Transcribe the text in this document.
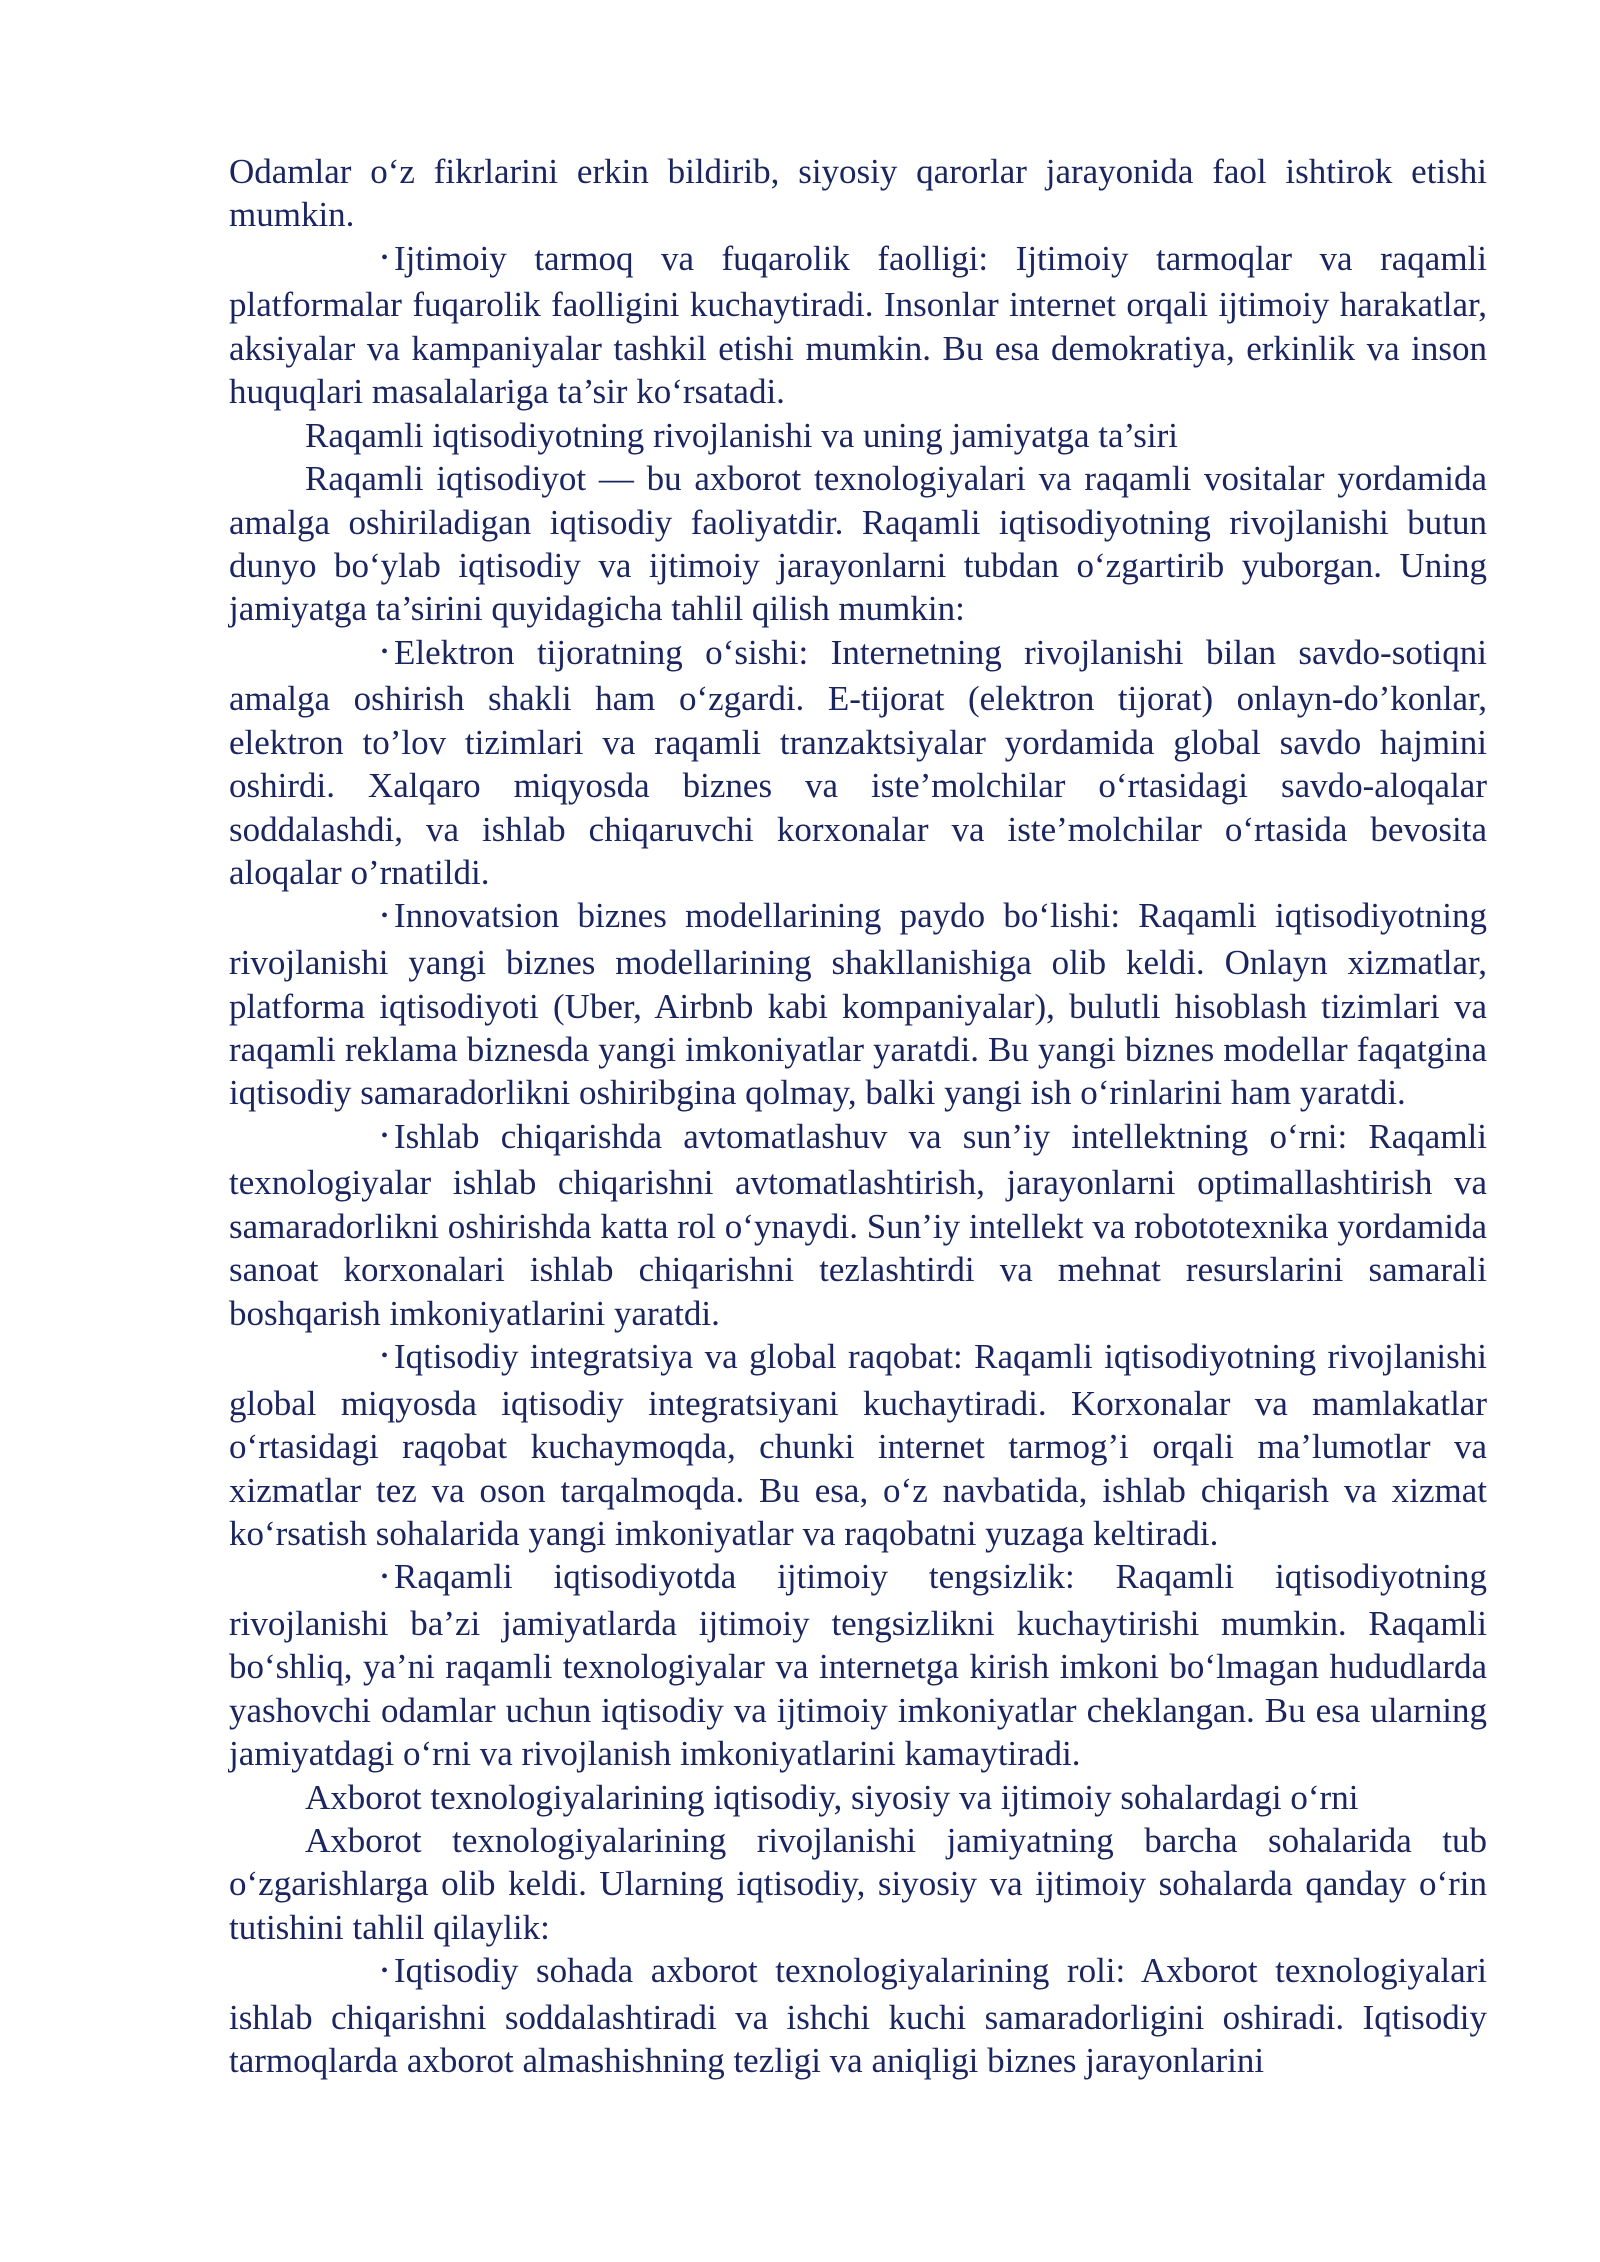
Odamlar o‘z fikrlarini erkin bildirib, siyosiy qarorlar jarayonida faol ishtirok etishi mumkin.

• Ijtimoiy tarmoq va fuqarolik faolligi: Ijtimoiy tarmoqlar va raqamli platformalar fuqarolik faolligini kuchaytiradi. Insonlar internet orqali ijtimoiy harakatlar, aksiyalar va kampaniyalar tashkil etishi mumkin. Bu esa demokratiya, erkinlik va inson huquqlari masalalariga ta’sir ko‘rsatadi.

Raqamli iqtisodiyotning rivojlanishi va uning jamiyatga ta’siri

Raqamli iqtisodiyot — bu axborot texnologiyalari va raqamli vositalar yordamida amalga oshiriladigan iqtisodiy faoliyatdir. Raqamli iqtisodiyotning rivojlanishi butun dunyo bo‘ylab iqtisodiy va ijtimoiy jarayonlarni tubdan o‘zgartirib yuborgan. Uning jamiyatga ta’sirini quyidagicha tahlil qilish mumkin:

• Elektron tijoratning o‘sishi: Internetning rivojlanishi bilan savdo-sotiqni amalga oshirish shakli ham o‘zgardi. E-tijorat (elektron tijorat) onlayn-do’konlar, elektron to’lov tizimlari va raqamli tranzaktsiyalar yordamida global savdo hajmini oshirdi. Xalqaro miqyosda biznes va iste’molchilar o‘rtasidagi savdo-aloqalar soddalashdi, va ishlab chiqaruvchi korxonalar va iste’molchilar o‘rtasida bevosita aloqalar o’rnatildi.

• Innovatsion biznes modellarining paydo bo‘lishi: Raqamli iqtisodiyotning rivojlanishi yangi biznes modellarining shakllanishiga olib keldi. Onlayn xizmatlar, platforma iqtisodiyoti (Uber, Airbnb kabi kompaniyalar), bulutli hisoblash tizimlari va raqamli reklama biznesda yangi imkoniyatlar yaratdi. Bu yangi biznes modellar faqatgina iqtisodiy samaradorlikni oshiribgina qolmay, balki yangi ish o‘rinlarini ham yaratdi.

• Ishlab chiqarishda avtomatlashuv va sun’iy intellektning o‘rni: Raqamli texnologiyalar ishlab chiqarishni avtomatlashtirish, jarayonlarni optimallashtirish va samaradorlikni oshirishda katta rol o‘ynaydi. Sun’iy intellekt va robototexnika yordamida sanoat korxonalari ishlab chiqarishni tezlashtirdi va mehnat resurslarini samarali boshqarish imkoniyatlarini yaratdi.

• Iqtisodiy integratsiya va global raqobat: Raqamli iqtisodiyotning rivojlanishi global miqyosda iqtisodiy integratsiyani kuchaytiradi. Korxonalar va mamlakatlar o‘rtasidagi raqobat kuchaymoqda, chunki internet tarmog’i orqali ma’lumotlar va xizmatlar tez va oson tarqalmoqda. Bu esa, o‘z navbatida, ishlab chiqarish va xizmat ko‘rsatish sohalarida yangi imkoniyatlar va raqobatni yuzaga keltiradi.

• Raqamli iqtisodiyotda ijtimoiy tengsizlik: Raqamli iqtisodiyotning rivojlanishi ba’zi jamiyatlarda ijtimoiy tengsizlikni kuchaytirishi mumkin. Raqamli bo‘shliq, ya’ni raqamli texnologiyalar va internetga kirish imkoni bo‘lmagan hududlarda yashovchi odamlar uchun iqtisodiy va ijtimoiy imkoniyatlar cheklangan. Bu esa ularning jamiyatdagi o‘rni va rivojlanish imkoniyatlarini kamaytiradi.

Axborot texnologiyalarining iqtisodiy, siyosiy va ijtimoiy sohalardagi o‘rni

Axborot texnologiyalarining rivojlanishi jamiyatning barcha sohalarida tub o‘zgarishlarga olib keldi. Ularning iqtisodiy, siyosiy va ijtimoiy sohalarda qanday o‘rin tutishini tahlil qilaylik:

• Iqtisodiy sohada axborot texnologiyalarining roli: Axborot texnologiyalari ishlab chiqarishni soddalashtiradi va ishchi kuchi samaradorligini oshiradi. Iqtisodiy tarmoqlarda axborot almashishning tezligi va aniqligi biznes jarayonlarini
